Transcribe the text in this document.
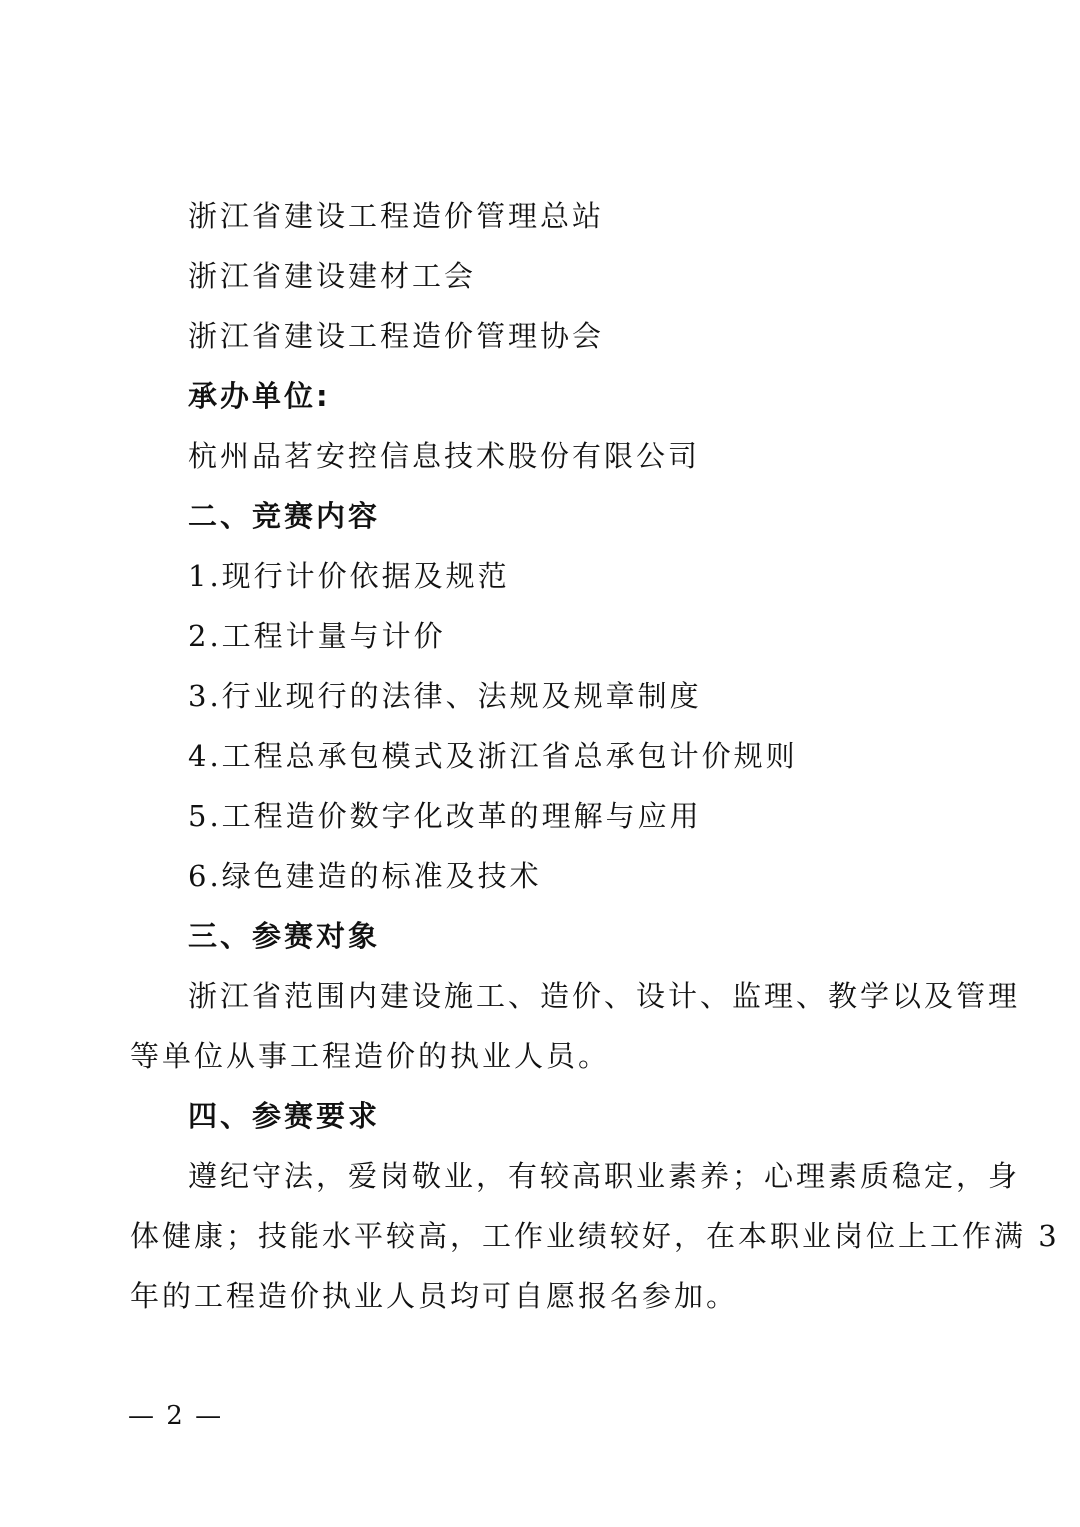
浙江省建设工程造价管理总站
浙江省建设建材工会
浙江省建设工程造价管理协会
承办单位:
杭州品茗安控信息技术股份有限公司
二、竞赛内容
1.现行计价依据及规范
2.工程计量与计价
3.行业现行的法律、法规及规章制度
4.工程总承包模式及浙江省总承包计价规则
5.工程造价数字化改革的理解与应用
6.绿色建造的标准及技术
三、参赛对象
浙江省范围内建设施工、造价、设计、监理、教学以及管理
等单位从事工程造价的执业人员。
四、参赛要求
遵纪守法，爱岗敬业，有较高职业素养；心理素质稳定，身
体健康；技能水平较高，工作业绩较好，在本职业岗位上工作满 3
年的工程造价执业人员均可自愿报名参加。
— 2 —
